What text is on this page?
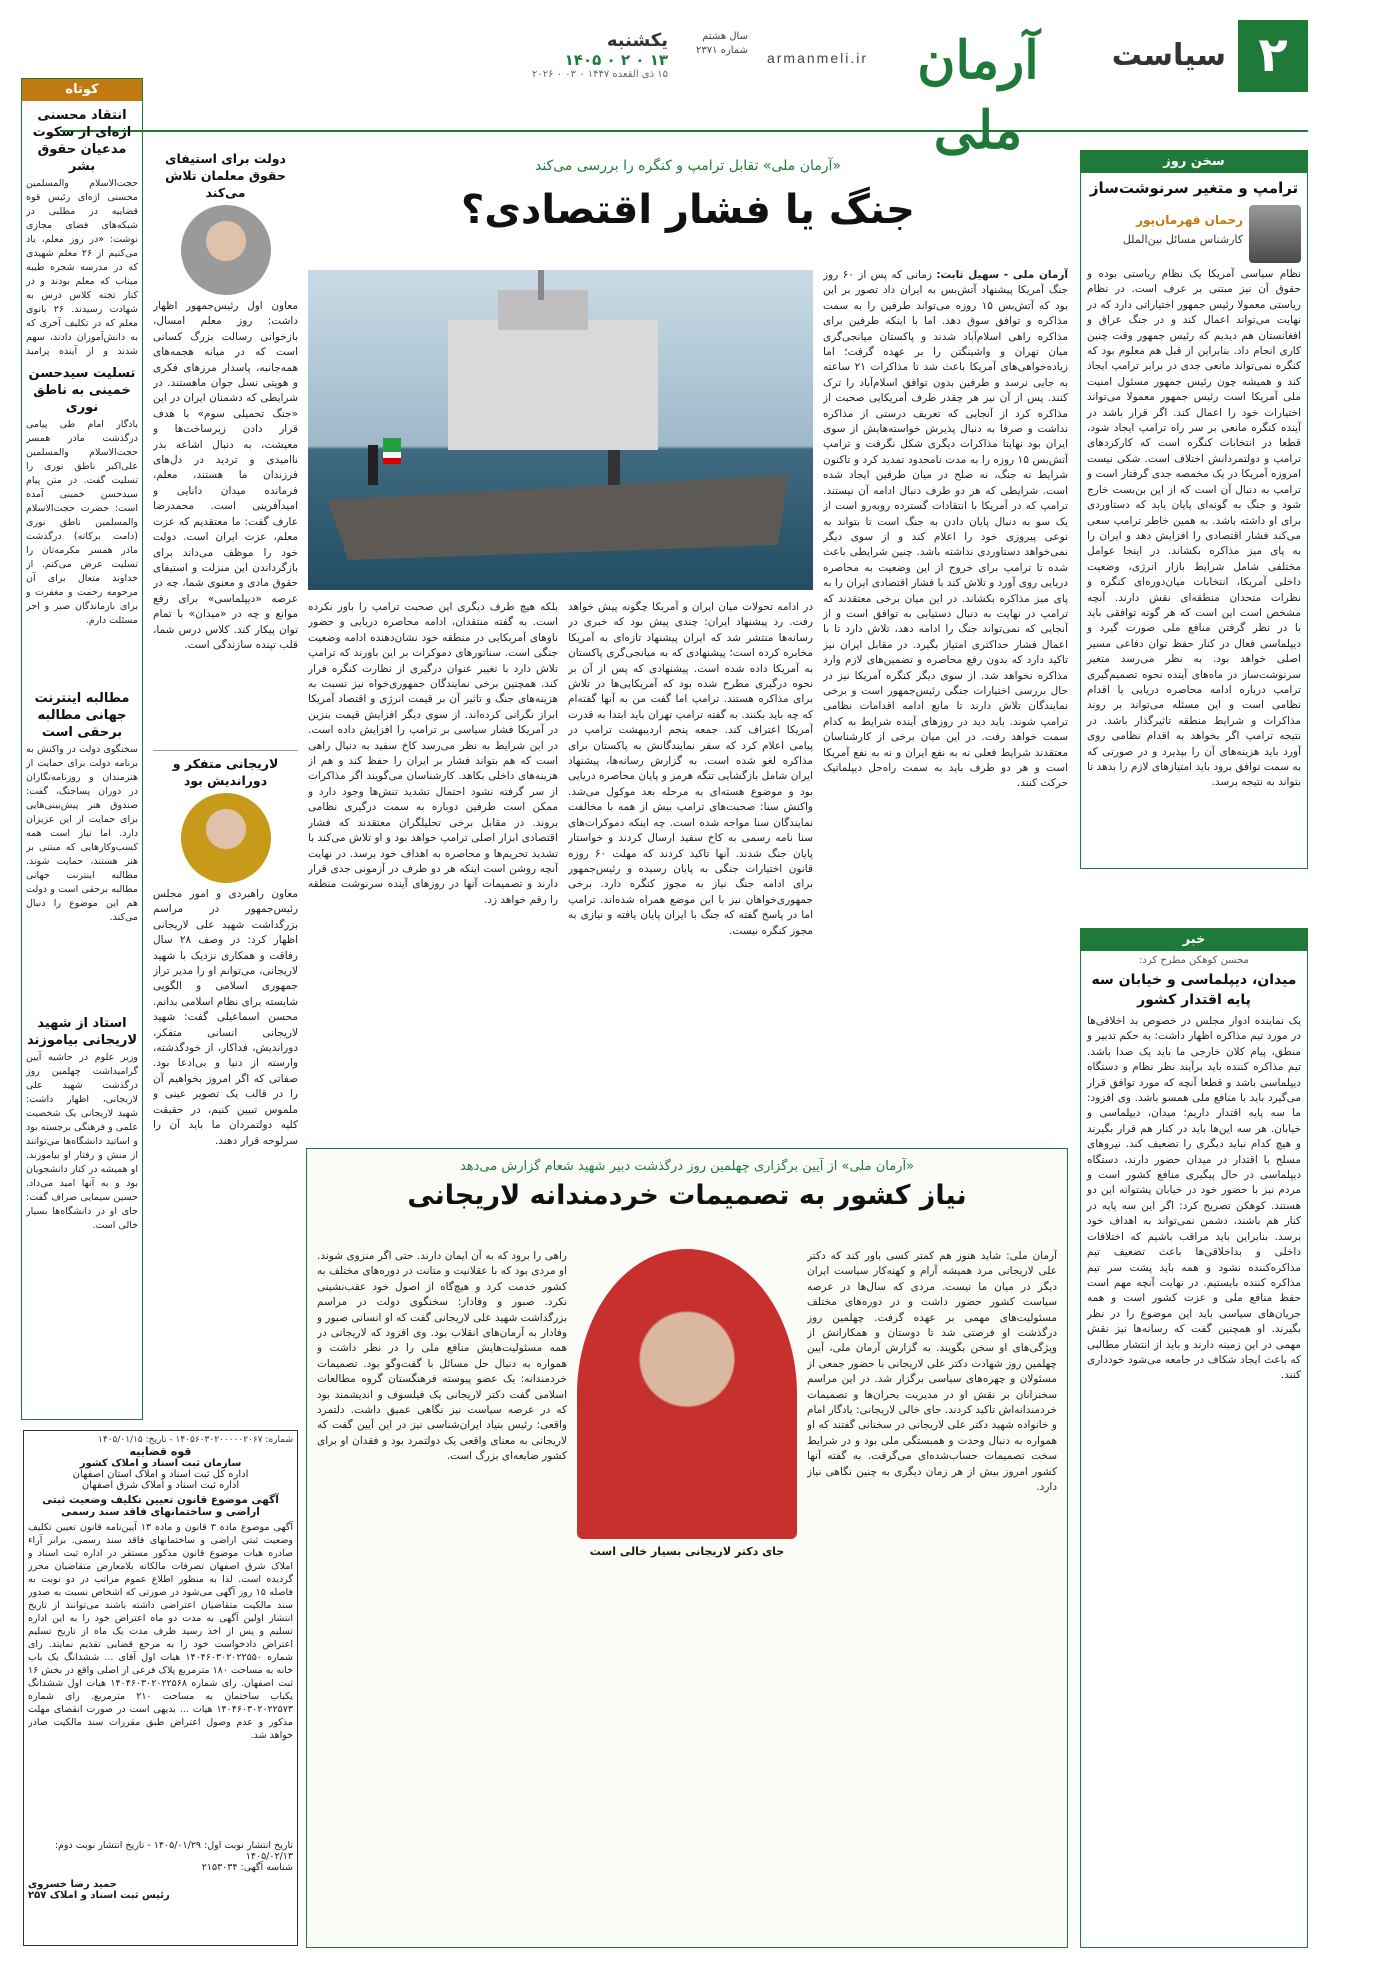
۲
سیاست
آرمان ملی
armanmeli.ir
سال هشتم
شماره ۲۳۷۱
یکشنبه
۱۳ ۰ ۲ ۰ ۱۴۰۵
۱۵ ذی القعده ۱۴۴۷ ۰ ۰۳ ۰ ۲۰۲۶
سخن روز
ترامپ و متغیر سرنوشت‌ساز
رحمان قهرمان‌پور
کارشناس مسائل بین‌الملل
نظام سیاسی آمریکا یک نظام ریاستی بوده و حقوق آن نیز مبتنی بر عرف است. در نظام ریاستی معمولا رئیس جمهور اختیاراتی دارد که در نهایت می‌تواند اعمال کند و در جنگ عراق و افغانستان هم دیدیم که رئیس جمهور وقت چنین کاری انجام داد. بنابراین از قبل هم معلوم بود که کنگره نمی‌تواند مانعی جدی در برابر ترامپ ایجاد کند و همیشه چون رئیس جمهور مسئول امنیت ملی آمریکا است رئیس جمهور معمولا می‌تواند اختیارات خود را اعمال کند. اگر قرار باشد در آینده کنگره مانعی بر سر راه ترامپ ایجاد شود، قطعا در انتخابات کنگره است که کارکردهای ترامپ و دولتمردانش اختلاف است. شکی نیست امروزه آمریکا در یک مخمصه جدی گرفتار است و ترامپ به دنبال آن است که از این بن‌بست خارج شود و جنگ به گونه‌ای پایان یابد که دستاوردی برای او داشته باشد. به همین خاطر ترامپ سعی می‌کند فشار اقتصادی را افزایش دهد و ایران را به پای میز مذاکره بکشاند. در اینجا عوامل مختلفی شامل شرایط بازار انرژی، وضعیت داخلی آمریکا، انتخابات میان‌دوره‌ای کنگره و نظرات متحدان منطقه‌ای نقش دارند. آنچه مشخص است این است که هر گونه توافقی باید با در نظر گرفتن منافع ملی صورت گیرد و دیپلماسی فعال در کنار حفظ توان دفاعی مسیر اصلی خواهد بود. به نظر می‌رسد متغیر سرنوشت‌ساز در ماه‌های آینده نحوه تصمیم‌گیری ترامپ درباره ادامه محاصره دریایی یا اقدام نظامی است و این مسئله می‌تواند بر روند مذاکرات و شرایط منطقه تاثیرگذار باشد. در نتیجه ترامپ اگر بخواهد به اقدام نظامی روی آورد باید هزینه‌های آن را بپذیرد و در صورتی که به سمت توافق برود باید امتیازهای لازم را بدهد تا بتواند به نتیجه برسد.
خبر
محسن کوهکن مطرح کرد:
میدان، دیپلماسی و خیابان سه پایه اقتدار کشور
یک نماینده ادوار مجلس در خصوص بد اخلاقی‌ها در مورد تیم مذاکره اظهار داشت: به حکم تدبیر و منطق، پیام کلان خارجی ما باید یک صدا باشد. تیم مذاکره کننده باید برآیند نظر نظام و دستگاه دیپلماسی باشد و قطعا آنچه که مورد توافق قرار می‌گیرد باید با منافع ملی همسو باشد. وی افزود: ما سه پایه اقتدار داریم؛ میدان، دیپلماسی و خیابان. هر سه این‌ها باید در کنار هم قرار بگیرند و هیچ کدام نباید دیگری را تضعیف کند. نیروهای مسلح با اقتدار در میدان حضور دارند، دستگاه دیپلماسی در حال پیگیری منافع کشور است و مردم نیز با حضور خود در خیابان پشتوانه این دو هستند. کوهکن تصریح کرد: اگر این سه پایه در کنار هم باشند، دشمن نمی‌تواند به اهداف خود برسد. بنابراین باید مراقب باشیم که اختلافات داخلی و بداخلاقی‌ها باعث تضعیف تیم مذاکره‌کننده نشود و همه باید پشت سر تیم مذاکره کننده بایستیم. در نهایت آنچه مهم است حفظ منافع ملی و عزت کشور است و همه جریان‌های سیاسی باید این موضوع را در نظر بگیرند. او همچنین گفت که رسانه‌ها نیز نقش مهمی در این زمینه دارند و باید از انتشار مطالبی که باعث ایجاد شکاف در جامعه می‌شود خودداری کنند.
«آرمان ملی» تقابل ترامپ و کنگره را بررسی می‌کند
جنگ یا فشار اقتصادی؟
آرمان ملی - سهیل ثابت: زمانی که پس از ۶۰ روز جنگ آمریکا پیشنهاد آتش‌بس به ایران داد تصور بر این بود که آتش‌بس ۱۵ روزه می‌تواند طرفین را به سمت مذاکره و توافق سوق دهد. اما با اینکه طرفین برای مذاکره راهی اسلام‌آباد شدند و پاکستان میانجی‌گری میان تهران و واشینگتن را بر عهده گرفت؛ اما زیاده‌خواهی‌های آمریکا باعث شد تا مذاکرات ۲۱ ساعته به جایی نرسد و طرفین بدون توافق اسلام‌آباد را ترک کنند. پس از آن نیز هر چقدر طرف آمریکایی صحبت از مذاکره کرد از آنجایی که تعریف درستی از مذاکره نداشت و صرفا به دنبال پذیرش خواسته‌هایش از سوی ایران بود نهایتا مذاکرات دیگری شکل نگرفت و ترامپ آتش‌بس ۱۵ روزه را به مدت نامحدود تمدید کرد و تاکنون شرایط نه جنگ، نه صلح در میان طرفین ایجاد شده است. شرایطی که هر دو طرف دنبال ادامه آن نیستند. ترامپ که در آمریکا با انتقادات گسترده روبه‌رو است از یک سو به دنبال پایان دادن به جنگ است تا بتواند به نوعی پیروزی خود را اعلام کند و از سوی دیگر نمی‌خواهد دستاوردی نداشته باشد. چنین شرایطی باعث شده تا ترامپ برای خروج از این وضعیت به محاصره دریایی روی آورد و تلاش کند با فشار اقتصادی ایران را به پای میز مذاکره بکشاند. در این میان برخی معتقدند که ترامپ در نهایت به دنبال دستیابی به توافق است و از آنجایی که نمی‌تواند جنگ را ادامه دهد، تلاش دارد تا با اعمال فشار حداکثری امتیاز بگیرد. در مقابل ایران نیز تاکید دارد که بدون رفع محاصره و تضمین‌های لازم وارد مذاکره نخواهد شد. از سوی دیگر کنگره آمریکا نیز در حال بررسی اختیارات جنگی رئیس‌جمهور است و برخی نمایندگان تلاش دارند تا مانع ادامه اقدامات نظامی ترامپ شوند. باید دید در روزهای آینده شرایط به کدام سمت خواهد رفت. در این میان برخی از کارشناسان معتقدند شرایط فعلی نه به نفع ایران و نه به نفع آمریکا است و هر دو طرف باید به سمت راه‌حل دیپلماتیک حرکت کنند.
در ادامه تحولات میان ایران و آمریکا چگونه پیش خواهد رفت. رد پیشنهاد ایران: چندی پیش بود که خبری در رسانه‌ها منتشر شد که ایران پیشنهاد تازه‌ای به آمریکا مخابره کرده است؛ پیشنهادی که به میانجی‌گری پاکستان به آمریکا داده شده است. پیشنهادی که پس از آن بر نحوه درگیری مطرح شده بود که آمریکایی‌ها در تلاش برای مذاکره هستند. ترامپ اما گفت من به آنها گفته‌ام که چه باید بکنند. به گفته ترامپ تهران باید ابتدا به قدرت آمریکا اعتراف کند. جمعه پنجم اردیبهشت ترامپ در پیامی اعلام کرد که سفر نمایندگانش به پاکستان برای مذاکره لغو شده است. به گزارش رسانه‌ها، پیشنهاد ایران شامل بازگشایی تنگه هرمز و پایان محاصره دریایی بود و موضوع هسته‌ای به مرحله بعد موکول می‌شد. واکنش سنا: صحبت‌های ترامپ بیش از همه با مخالفت نمایندگان سنا مواجه شده است. چه اینکه دموکرات‌های سنا نامه رسمی به کاخ سفید ارسال کردند و خواستار پایان جنگ شدند. آنها تاکید کردند که مهلت ۶۰ روزه قانون اختیارات جنگی به پایان رسیده و رئیس‌جمهور برای ادامه جنگ نیاز به مجوز کنگره دارد. برخی جمهوری‌خواهان نیز با این موضع همراه شده‌اند. ترامپ اما در پاسخ گفته که جنگ با ایران پایان یافته و نیازی به مجوز کنگره نیست.
بلکه هیچ طرف دیگری این صحبت ترامپ را باور نکرده است. به گفته منتقدان، ادامه محاصره دریایی و حضور ناوهای آمریکایی در منطقه خود نشان‌دهنده ادامه وضعیت جنگی است. سناتورهای دموکرات بر این باورند که ترامپ تلاش دارد با تغییر عنوان درگیری از نظارت کنگره فرار کند. همچنین برخی نمایندگان جمهوری‌خواه نیز نسبت به هزینه‌های جنگ و تاثیر آن بر قیمت انرژی و اقتصاد آمریکا ابراز نگرانی کرده‌اند. از سوی دیگر افزایش قیمت بنزین در آمریکا فشار سیاسی بر ترامپ را افزایش داده است. در این شرایط به نظر می‌رسد کاخ سفید به دنبال راهی است که هم بتواند فشار بر ایران را حفظ کند و هم از هزینه‌های داخلی بکاهد. کارشناسان می‌گویند اگر مذاکرات از سر گرفته نشود احتمال تشدید تنش‌ها وجود دارد و ممکن است طرفین دوباره به سمت درگیری نظامی بروند. در مقابل برخی تحلیلگران معتقدند که فشار اقتصادی ابزار اصلی ترامپ خواهد بود و او تلاش می‌کند با تشدید تحریم‌ها و محاصره به اهداف خود برسد. در نهایت آنچه روشن است اینکه هر دو طرف در آزمونی جدی قرار دارند و تصمیمات آنها در روزهای آینده سرنوشت منطقه را رقم خواهد زد.
«آرمان ملی» از آیین برگزاری چهلمین روز درگذشت دبیر شهید شعام گزارش می‌دهد
نیاز کشور به تصمیمات خردمندانه لاریجانی
جای دکتر لاریجانی بسیار خالی است
آرمان ملی: شاید هنوز هم کمتر کسی باور کند که دکتر علی لاریجانی مرد همیشه آرام و کهنه‌کار سیاست ایران دیگر در میان ما نیست. مردی که سال‌ها در عرصه سیاست کشور حضور داشت و در دوره‌های مختلف مسئولیت‌های مهمی بر عهده گرفت. چهلمین روز درگذشت او فرصتی شد تا دوستان و همکارانش از ویژگی‌های او سخن بگویند. به گزارش آرمان ملی، آیین چهلمین روز شهادت دکتر علی لاریجانی با حضور جمعی از مسئولان و چهره‌های سیاسی برگزار شد. در این مراسم سخنرانان بر نقش او در مدیریت بحران‌ها و تصمیمات خردمندانه‌اش تاکید کردند. جای خالی لاریجانی: یادگار امام و خانواده شهید دکتر علی لاریجانی در سخنانی گفتند که او همواره به دنبال وحدت و همبستگی ملی بود و در شرایط سخت تصمیمات حساب‌شده‌ای می‌گرفت. به گفته آنها کشور امروز بیش از هر زمان دیگری به چنین نگاهی نیاز دارد.
راهی را برود که به آن ایمان دارند. حتی اگر منزوی شوند. او مردی بود که با عقلانیت و متانت در دوره‌های مختلف به کشور خدمت کرد و هیچ‌گاه از اصول خود عقب‌نشینی نکرد. صبور و وفادار: سخنگوی دولت در مراسم بزرگداشت شهید علی لاریجانی گفت که او انسانی صبور و وفادار به آرمان‌های انقلاب بود. وی افزود که لاریجانی در همه مسئولیت‌هایش منافع ملی را در نظر داشت و همواره به دنبال حل مسائل با گفت‌وگو بود. تصمیمات خردمندانه: یک عضو پیوسته فرهنگستان گروه مطالعات اسلامی گفت دکتر لاریجانی یک فیلسوف و اندیشمند بود که در عرصه سیاست نیز نگاهی عمیق داشت. دلتمرد واقعی: رئیس بنیاد ایران‌شناسی نیز در این آیین گفت که لاریجانی به معنای واقعی یک دولتمرد بود و فقدان او برای کشور ضایعه‌ای بزرگ است.
دولت برای استیفای حقوق معلمان تلاش می‌کند
معاون اول رئیس‌جمهور اظهار داشت: روز معلم امسال، بازخوانی رسالت بزرگ کسانی است که در میانه هجمه‌های همه‌جانبه، پاسدار مرزهای فکری و هویتی نسل جوان ماهستند. در شرایطی که دشمنان ایران در این «جنگ تحمیلی سوم» با هدف قرار دادن زیرساخت‌ها و معیشت، به دنبال اشاعه بذر ناامیدی و تردید در دل‌های فرزندان ما هستند، معلم، فرمانده میدان دانایی و امیدآفرینی است. محمدرضا عارف گفت: ما معتقدیم که عزت معلم، عزت ایران است. دولت خود را موظف می‌داند برای بازگرداندن این منزلت و استیفای حقوق مادی و معنوی شما، چه در عرصه «دیپلماسی» برای رفع موانع و چه در «میدان» با تمام توان پیکار کند. کلاس درس شما، قلب تپنده سازندگی است.
لاریجانی متفکر و دوراندیش بود
معاون راهبردی و امور مجلس رئیس‌جمهور در مراسم بزرگداشت شهید علی لاریجانی اظهار کرد: در وصف ۲۸ سال رفاقت و همکاری نزدیک با شهید لاریجانی، می‌توانم او را مدیر تراز جمهوری اسلامی و الگویی شایسته برای نظام اسلامی بدانم. محسن اسماعیلی گفت: شهید لاریجانی انسانی متفکر، دوراندیش، فداکار، از خودگذشته، وارسته از دنیا و بی‌ادعا بود. صفاتی که اگر امروز بخواهیم آن را در قالب یک تصویر عینی و ملموس تبیین کنیم، در حقیقت کلیه دولتمردان ما باید آن را سرلوحه قرار دهند.
کوتاه
انتقاد محسنی اژه‌ای از سکوت مدعیان حقوق بشر
حجت‌الاسلام والمسلمین محسنی اژه‌ای رئیس قوه قضاییه در مطلبی در شبکه‌های فضای مجازی نوشت: «در روز معلم، یاد می‌کنیم از ۲۶ معلم شهیدی که در مدرسه شجره طیبه میناب که معلم بودند و در کنار تخته کلاس درس به شهادت رسیدند. ۲۶ بانوی معلم که در تکلیف آخری که به دانش‌آموزان دادند، سهم شدند و از آینده پرامید
تسلیت سیدحسن خمینی به ناطق نوری
یادگار امام طی پیامی درگذشت مادر همسر حجت‌الاسلام والمسلمین علی‌اکبر ناطق نوری را تسلیت گفت. در متن پیام سیدحسن خمینی آمده است: حضرت حجت‌الاسلام والمسلمین ناطق نوری (دامت برکاته) درگذشت مادر همسر مکرمه‌تان را تسلیت عرض می‌کنم. از خداوند متعال برای آن مرحومه رحمت و مغفرت و برای بازماندگان صبر و اجر مسئلت دارم.
مطالبه اینترنت جهانی مطالبه برحقی است
سخنگوی دولت در واکنش به برنامه دولت برای حمایت از هنرمندان و روزنامه‌نگاران در دوران پساجنگ، گفت: صندوق هنر پیش‌بینی‌هایی برای حمایت از این عزیزان دارد. اما نیاز است همه کسب‌وکارهایی که مبتنی بر هنر هستند، حمایت شوند. مطالبه اینترنت جهانی مطالبه برحقی است و دولت هم این موضوع را دنبال می‌کند.
استاد از شهید لاریجانی بیاموزند
وزیر علوم در حاشیه آیین گرامیداشت چهلمین روز درگذشت شهید علی لاریجانی، اظهار داشت: شهید لاریجانی یک شخصیت علمی و فرهنگی برجسته بود و اساتید دانشگاه‌ها می‌توانند از منش و رفتار او بیاموزند. او همیشه در کنار دانشجویان بود و به آنها امید می‌داد. حسین سیمایی صراف گفت: جای او در دانشگاه‌ها بسیار خالی است.
شماره: ۱۴۰۵۶۰۳۰۲۰۰۰۰۰۲۰۶۷ - تاریخ: ۱۴۰۵/۰۱/۱۵
قوه قضاییه
سازمان ثبت اسناد و املاک کشور
اداره کل ثبت اسناد و املاک استان اصفهان
اداره ثبت اسناد و املاک شرق اصفهان
آگهی موضوع قانون تعیین تکلیف وضعیت ثبتی اراضی و ساختمانهای فاقد سند رسمی
آگهی موضوع ماده ۳ قانون و ماده ۱۳ آیین‌نامه قانون تعیین تکلیف وضعیت ثبتی اراضی و ساختمانهای فاقد سند رسمی. برابر آراء صادره هیات موضوع قانون مذکور مستقر در اداره ثبت اسناد و املاک شرق اصفهان تصرفات مالکانه بلامعارض متقاضیان محرز گردیده است. لذا به منظور اطلاع عموم مراتب در دو نوبت به فاصله ۱۵ روز آگهی می‌شود در صورتی که اشخاص نسبت به صدور سند مالکیت متقاضیان اعتراضی داشته باشند می‌توانند از تاریخ انتشار اولین آگهی به مدت دو ماه اعتراض خود را به این اداره تسلیم و پس از اخذ رسید ظرف مدت یک ماه از تاریخ تسلیم اعتراض دادخواست خود را به مرجع قضایی تقدیم نمایند. رای شماره ۱۴۰۴۶۰۳۰۲۰۲۲۵۵۰ هیات اول آقای ... ششدانگ یک باب خانه به مساحت ۱۸۰ مترمربع پلاک فرعی از اصلی واقع در بخش ۱۶ ثبت اصفهان. رای شماره ۱۴۰۴۶۰۳۰۲۰۲۲۵۶۸ هیات اول ششدانگ یکباب ساختمان به مساحت ۲۱۰ مترمربع. رای شماره ۱۴۰۴۶۰۳۰۲۰۲۲۵۷۳ هیات ... بدیهی است در صورت انقضای مهلت مذکور و عدم وصول اعتراض طبق مقررات سند مالکیت صادر خواهد شد.
تاریخ انتشار نوبت اول: ۱۴۰۵/۰۱/۲۹ - تاریخ انتشار نوبت دوم: ۱۴۰۵/۰۲/۱۳
شناسه آگهی: ۲۱۵۳۰۳۴
حمید رضا خسروی
رئیس ثبت اسناد و املاک ۲۵۷
